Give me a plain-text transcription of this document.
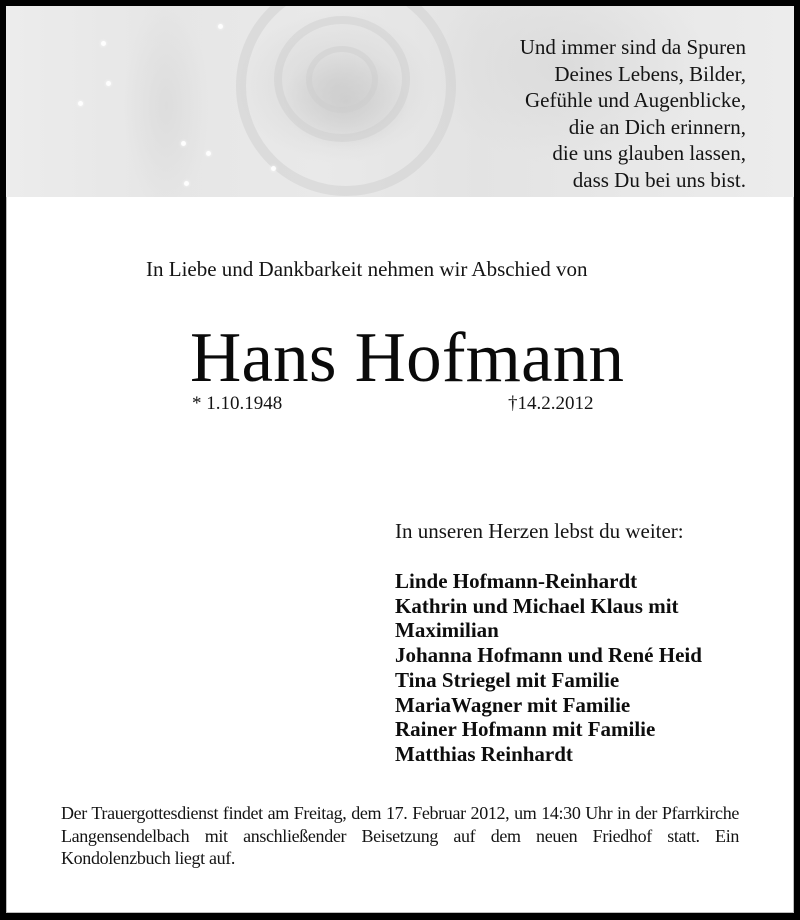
Und immer sind da Spuren
Deines Lebens, Bilder,
Gefühle und Augenblicke,
die an Dich erinnern,
die uns glauben lassen,
dass Du bei uns bist.
In Liebe und Dankbarkeit nehmen wir Abschied von
Hans Hofmann
* 1.10.1948	†14.2.2012
In unseren Herzen lebst du weiter:
Linde Hofmann-Reinhardt
Kathrin und Michael Klaus mit
Maximilian
Johanna Hofmann und René Heid
Tina Striegel mit Familie
MariaWagner mit Familie
Rainer Hofmann mit Familie
Matthias Reinhardt

Der Trauergottesdienst findet am Freitag, dem 17. Februar 2012, um 14:30 Uhr in der Pfarrkirche Langensendelbach mit anschließender Beisetzung auf dem neuen Friedhof statt. Ein Kondolenzbuch liegt auf.
